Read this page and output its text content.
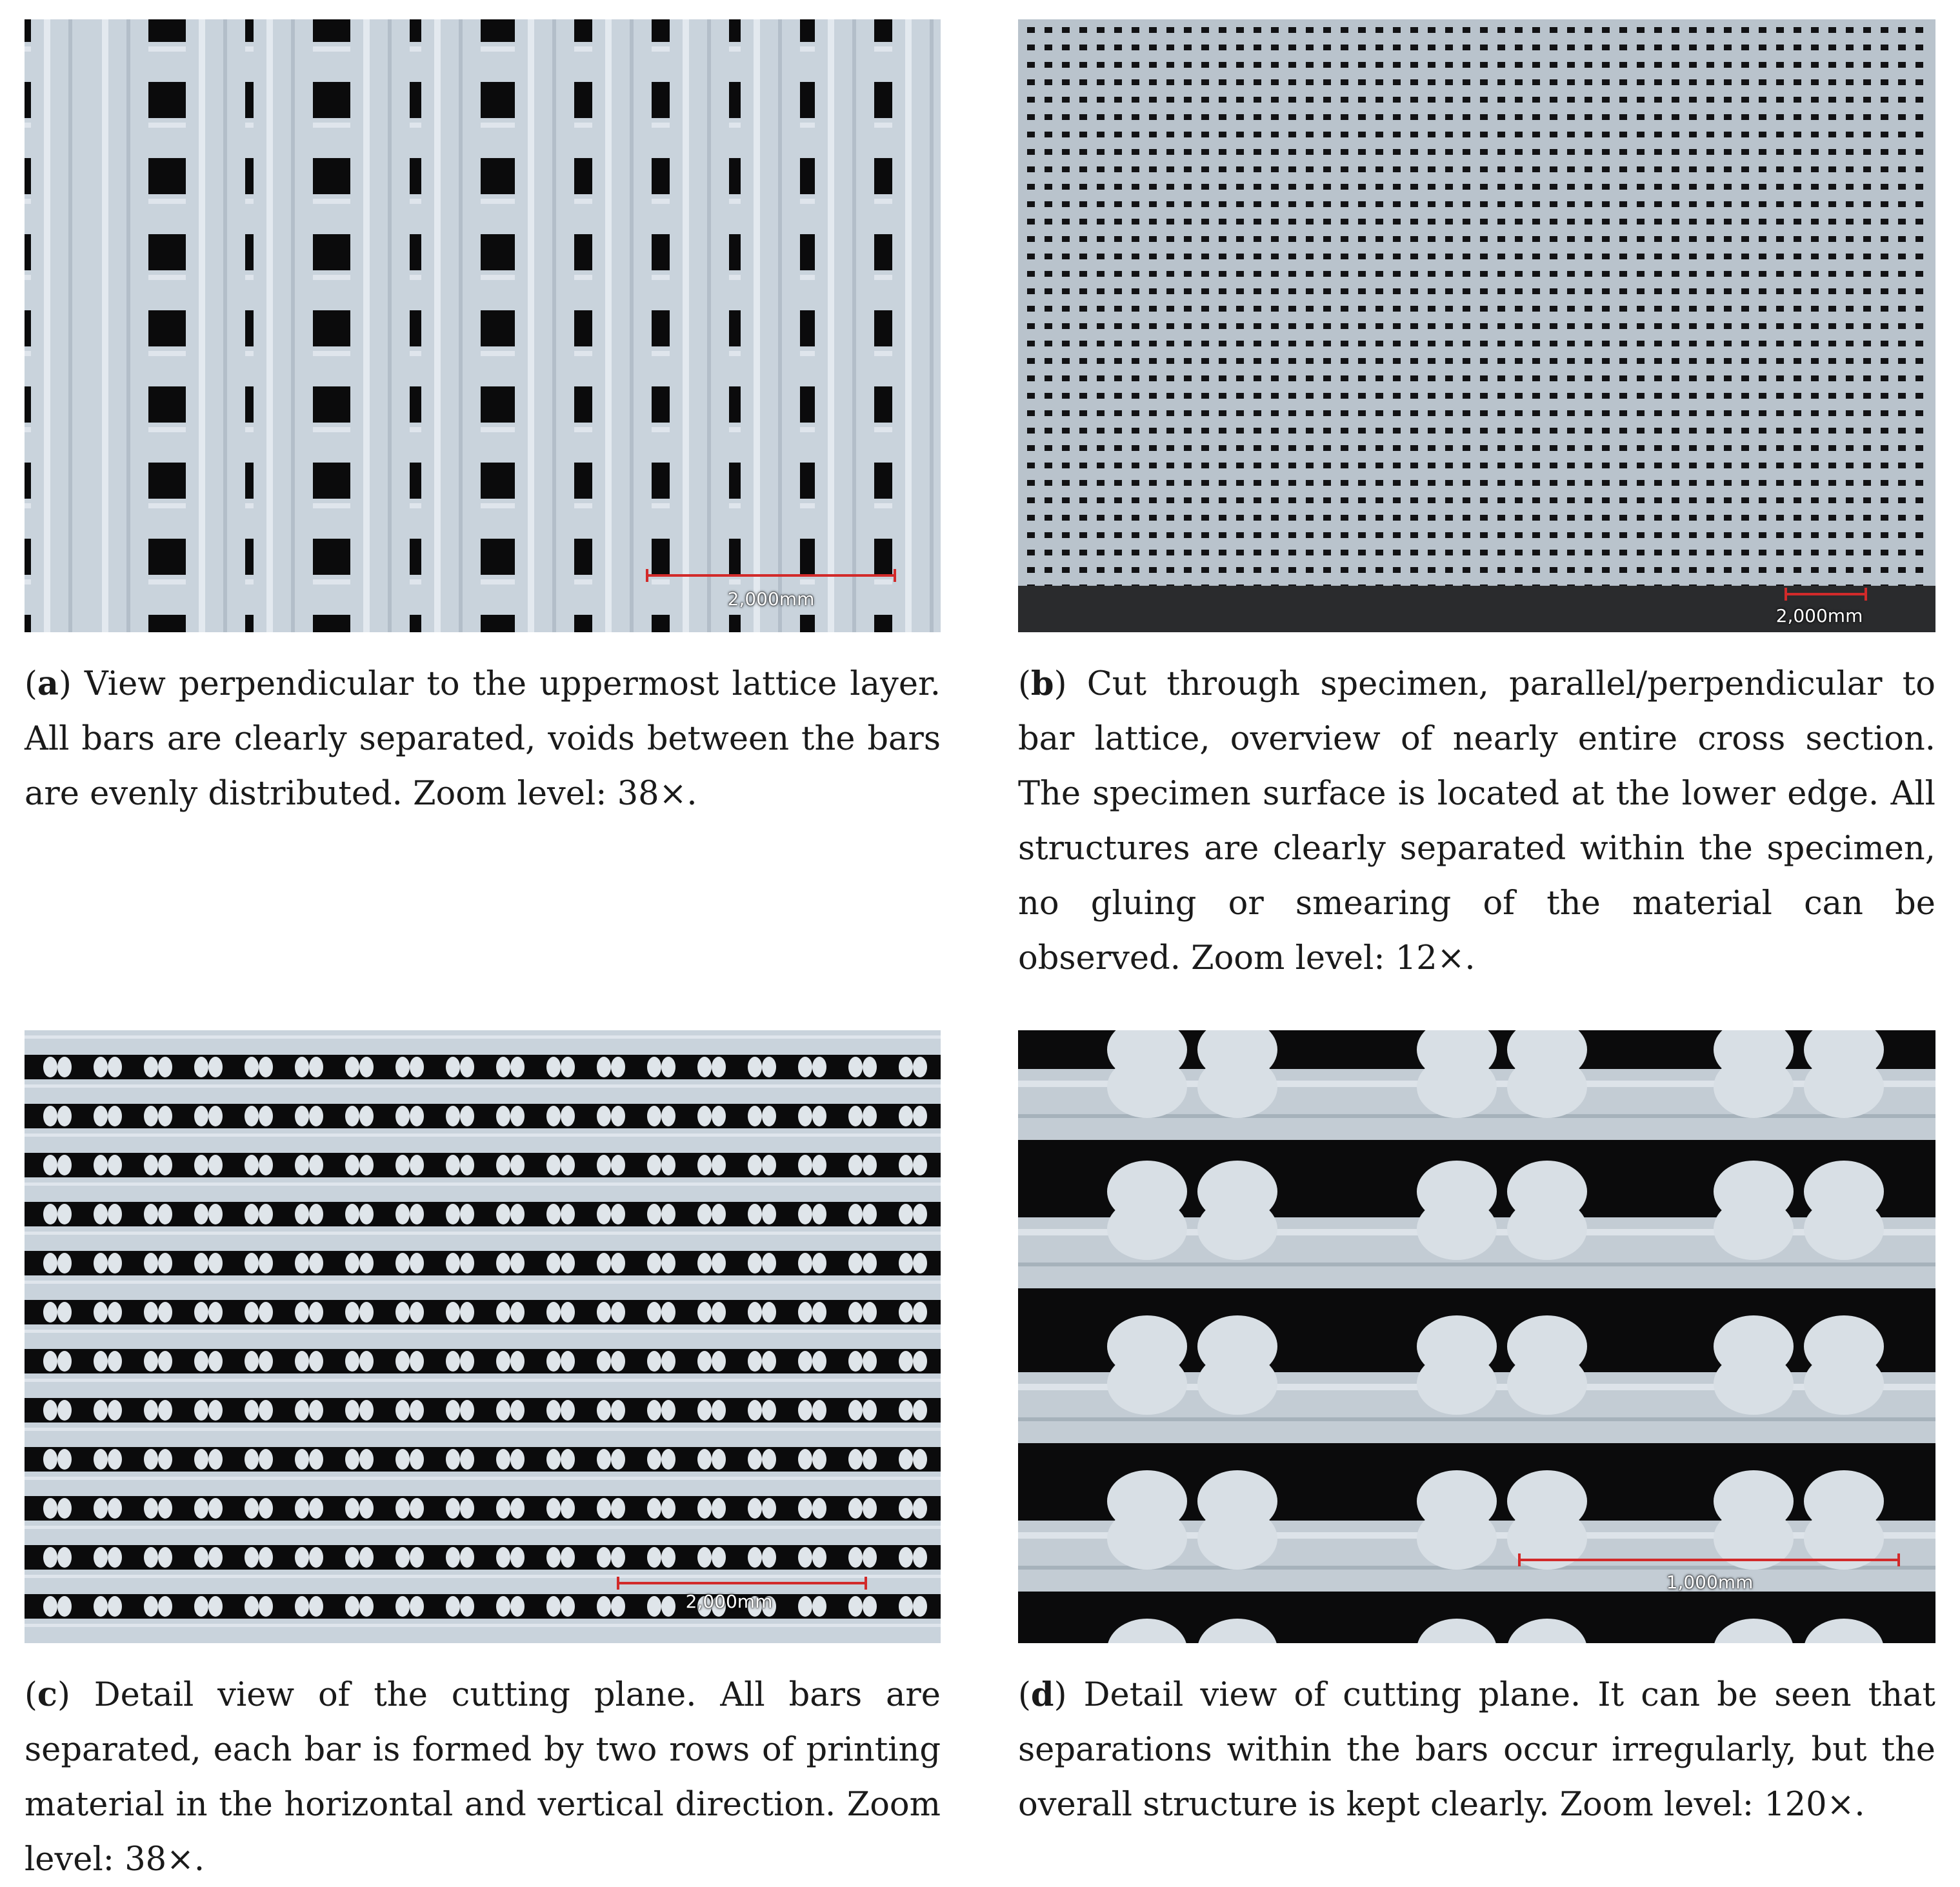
2,000mm
(a) View perpendicular to the uppermost lattice layer. All bars are clearly separated, voids between the bars are evenly distributed. Zoom level: 38×.
2,000mm
(b) Cut through specimen, parallel/perpendicular to bar lattice, overview of nearly entire cross section. The specimen surface is located at the lower edge. All structures are clearly separated within the specimen, no gluing or smearing of the material can be observed. Zoom level: 12×.
2,000mm
(c) Detail view of the cutting plane. All bars are separated, each bar is formed by two rows of printing material in the horizontal and vertical direction. Zoom level: 38×.
1,000mm
(d) Detail view of cutting plane. It can be seen that separations within the bars occur irregularly, but the overall structure is kept clearly. Zoom level: 120×.
